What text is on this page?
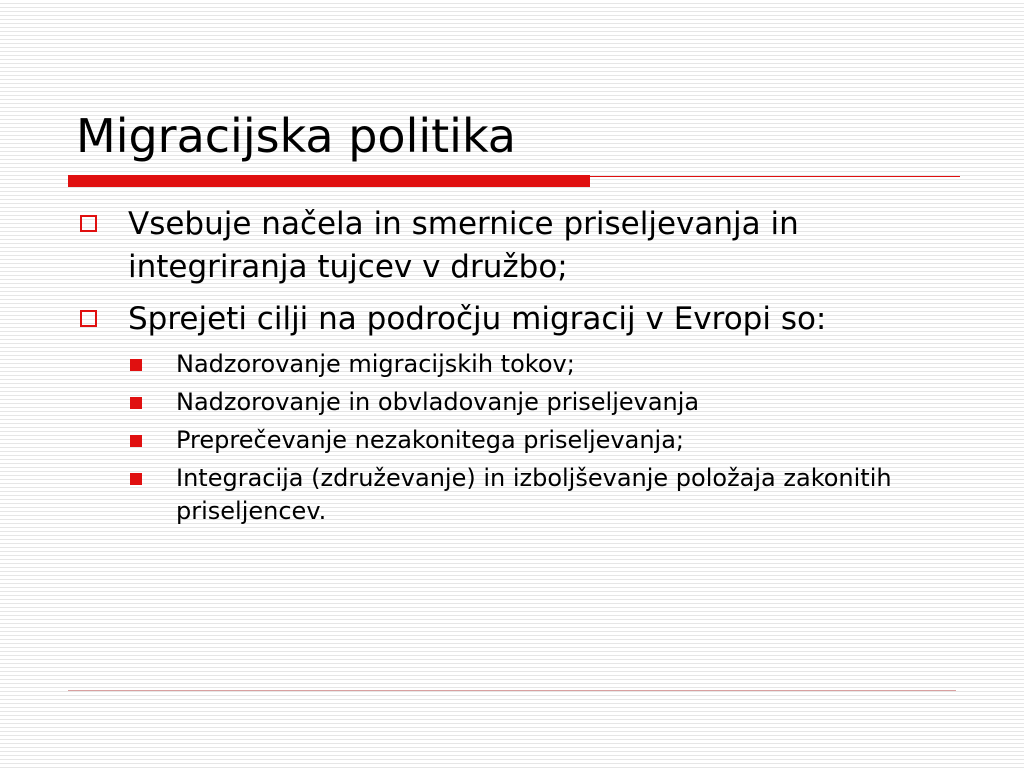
Migracijska politika
Vsebuje načela in smernice priseljevanja in integriranja tujcev v družbo;
Sprejeti cilji na področju migracij v Evropi so:
Nadzorovanje migracijskih tokov;
Nadzorovanje in obvladovanje priseljevanja
Preprečevanje nezakonitega priseljevanja;
Integracija (združevanje) in izboljševanje položaja zakonitih priseljencev.
